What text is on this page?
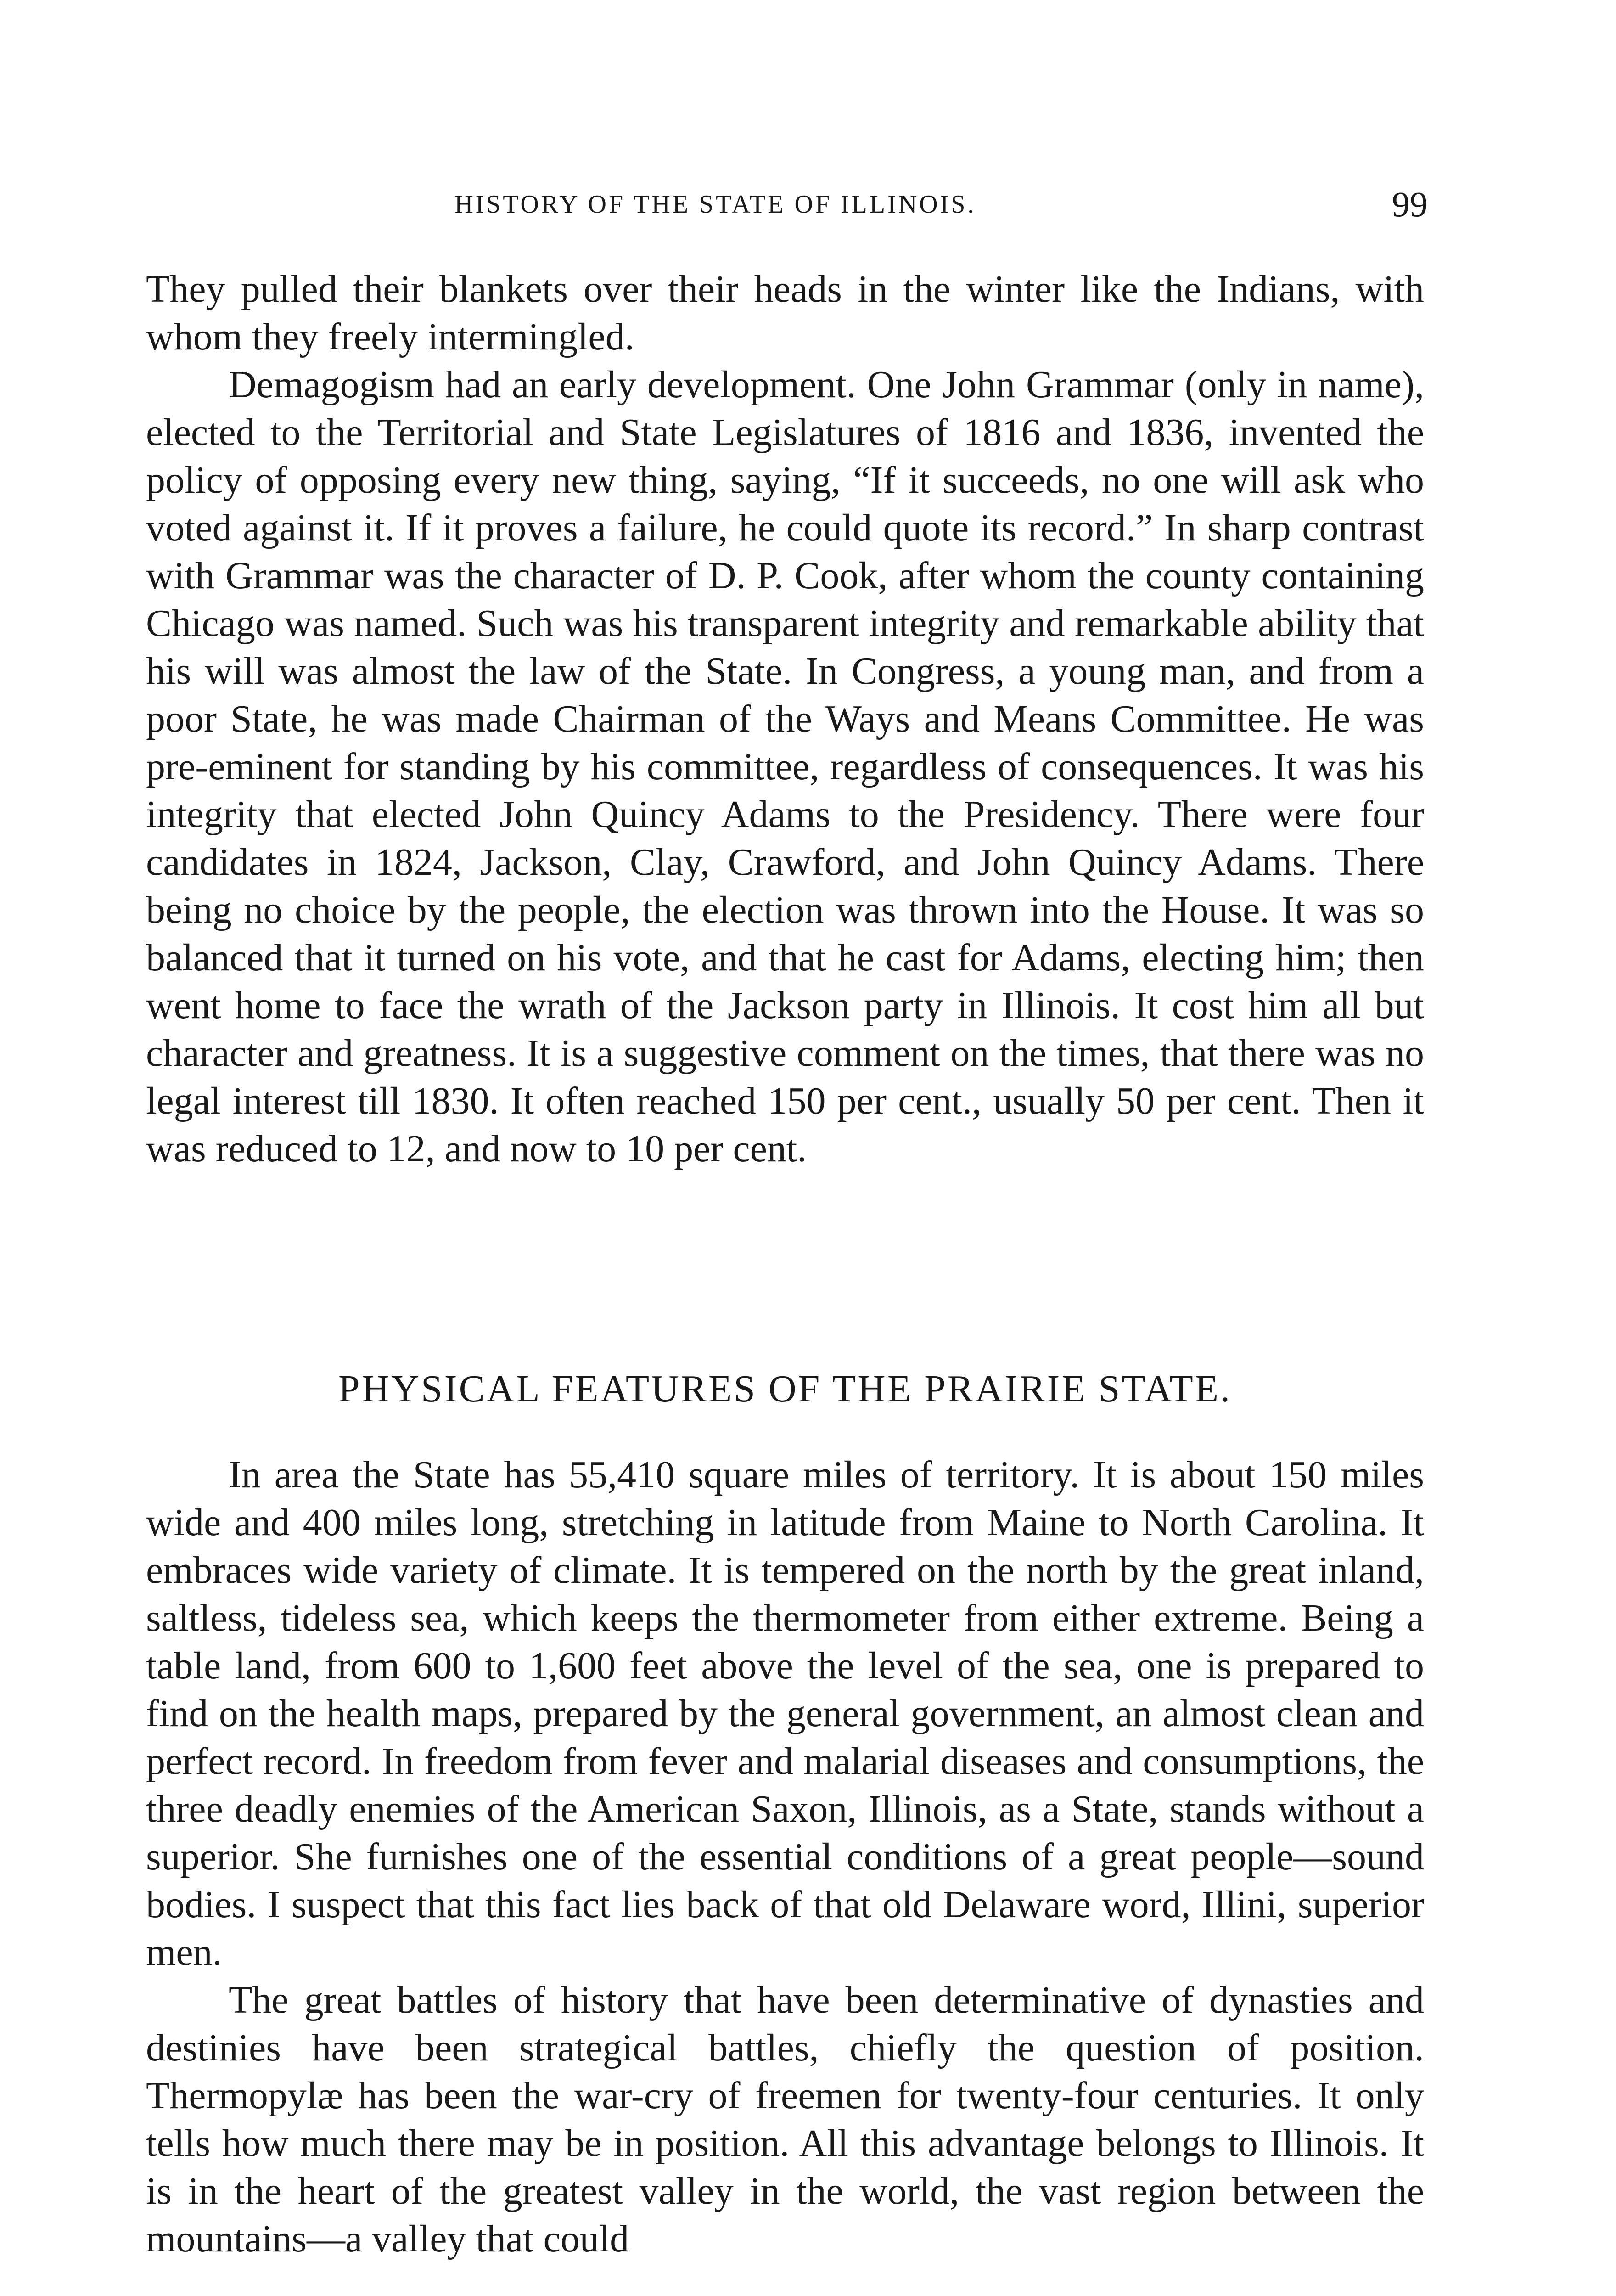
HISTORY OF THE STATE OF ILLINOIS.	99

They pulled their blankets over their heads in the winter like the Indians, with whom they freely intermingled.

Demagogism had an early development. One John Grammar (only in name), elected to the Territorial and State Legislatures of 1816 and 1836, invented the policy of opposing every new thing, saying, “If it succeeds, no one will ask who voted against it. If it proves a failure, he could quote its record.” In sharp contrast with Grammar was the character of D. P. Cook, after whom the county containing Chicago was named. Such was his transparent integrity and remarkable ability that his will was almost the law of the State. In Congress, a young man, and from a poor State, he was made Chairman of the Ways and Means Committee. He was pre-eminent for standing by his committee, regardless of consequences. It was his integrity that elected John Quincy Adams to the Presidency. There were four candidates in 1824, Jackson, Clay, Crawford, and John Quincy Adams. There being no choice by the people, the election was thrown into the House. It was so balanced that it turned on his vote, and that he cast for Adams, electing him; then went home to face the wrath of the Jackson party in Illinois. It cost him all but character and greatness. It is a suggestive comment on the times, that there was no legal interest till 1830. It often reached 150 per cent., usually 50 per cent. Then it was reduced to 12, and now to 10 per cent.

PHYSICAL FEATURES OF THE PRAIRIE STATE.

In area the State has 55,410 square miles of territory. It is about 150 miles wide and 400 miles long, stretching in latitude from Maine to North Carolina. It embraces wide variety of climate. It is tempered on the north by the great inland, saltless, tideless sea, which keeps the thermometer from either extreme. Being a table land, from 600 to 1,600 feet above the level of the sea, one is prepared to find on the health maps, prepared by the general government, an almost clean and perfect record. In freedom from fever and malarial diseases and consumptions, the three deadly enemies of the American Saxon, Illinois, as a State, stands without a superior. She furnishes one of the essential conditions of a great people—sound bodies. I suspect that this fact lies back of that old Delaware word, Illini, superior men.

The great battles of history that have been determinative of dynasties and destinies have been strategical battles, chiefly the question of position. Thermopylæ has been the war-cry of freemen for twenty-four centuries. It only tells how much there may be in position. All this advantage belongs to Illinois. It is in the heart of the greatest valley in the world, the vast region between the mountains—a valley that could
